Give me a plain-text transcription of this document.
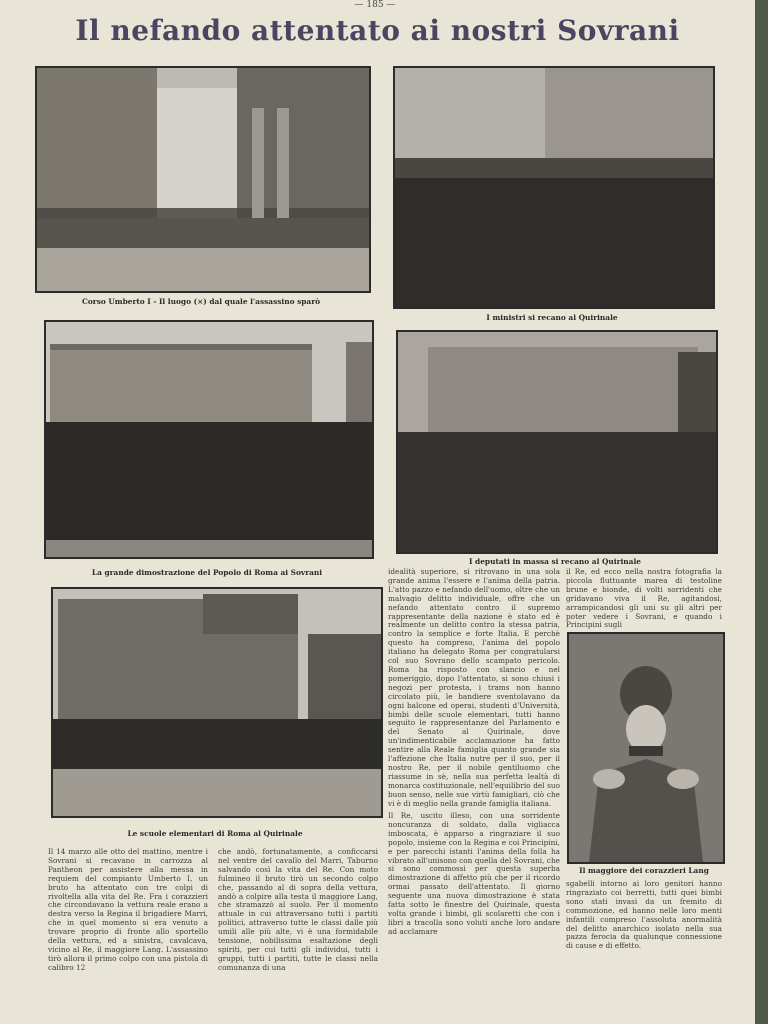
— 185 —
Il nefando attentato ai nostri Sovrani
Corso Umberto I - Il luogo (×) dal quale l'assassino sparò
I ministri si recano al Quirinale
La grande dimostrazione del Popolo di Roma ai Sovrani
I deputati in massa si recano al Quirinale
Le scuole elementari di Roma al Quirinale
Il maggiore dei corazzieri Lang

Il 14 marzo alle otto del mattino, mentre i Sovrani si recavano in carrozza al Pantheon per assistere alla messa in requiem del compianto Umberto I, un bruto ha attentato con tre colpi di rivoltella alla vita del Re. Fra i corazzieri che circondavano la vettura reale erano a destra verso la Regina il brigadiere Marri, che in quel momento si era venuto a trovare proprio di fronte allo sportello della vettura, ed a sinistra, cavalcava, vicino al Re, il maggiore Lang. L'assassino tirò allora il primo colpo con una pistola di calibro 12

che andò, fortunatamente, a conficcarsi nel ventre del cavallo del Marri, Taburno salvando così la vita del Re. Con moto fulmineo il bruto tirò un secondo colpo che, passando al di sopra della vettura, andò a colpire alla testa il maggiore Lang, che stramazzò al suolo. Per il momento attuale in cui attraversano tutti i partiti politici, attraverso tutte le classi dalle più umili alle più alte, vi è una formidabile tensione, nobilissima esaltazione degli spiriti, per cui tutti gli individui, tutti i gruppi, tutti i partiti, tutte le classi nella comunanza di una

idealità superiore, si ritrovano in una sola grande anima l'essere e l'anima della patria. L'atto pazzo e nefando dell'uomo, oltre che un malvagio delitto individuale, offre che un nefando attentato contro il supremo rappresentante della nazione è stato ed è realmente un delitto contro la stessa patria, contro la semplice e forte Italia. E perchè questo ha compreso, l'anima del popolo italiano ha delegato Roma per congratularsi col suo Sovrano dello scampato pericolo. Roma ha risposto con slancio e nel pomeriggio, dopo l'attentato, si sono chiusi i negozi per protesta, i trams non hanno circolato più, le bandiere sventolavano da ogni balcone ed operai, studenti d'Università, bimbi delle scuole elementari, tutti hanno seguito le rappresentanze del Parlamento e del Senato al Quirinale, dove un'indimenticabile acclamazione ha fatto sentire alla Reale famiglia quanto grande sia l'affezione che Italia nutre per il suo, per il nostro Re, per il nobile gentiluomo che riassume in sè, nella sua perfetta lealtà di monarca costituzionale, nell'equilibrio del suo buon senso, nelle sue virtù famigliari, ciò che vi è di meglio nella grande famiglia italiana.

Il Re, uscito illeso, con una sorridente noncuranza di soldato, dalla vigliacca imboscata, è apparso a ringraziare il suo popolo, insieme con la Regina e coi Principini, e per parecchi istanti l'anima della folla ha vibrato all'unisono con quella del Sovrani, che si sono commossi per questa superba dimostrazione di affetto più che per il ricordo ormai passato dell'attentato. Il giorno seguente una nuova dimostrazione è stata fatta sotto le finestre del Quirinale, questa volta grande i bimbi, gli scolaretti che con i libri a tracolla sono voluti anche loro andare ad acclamare

il Re, ed ecco nella nostra fotografia la piccola fluttuante marea di testoline brune e bionde, di volti sorridenti che gridavano viva il Re, agitandosi, arrampicandosi gli uni su gli altri per poter vedere i Sovrani, e quando i Principini sugli

sgabelli intorno ai loro genitori hanno ringraziato coi berretti, tutti quei bimbi sono stati invasi da un fremito di commozione, ed hanno nelle loro menti infantili compreso l'assoluta anormalità del delitto anarchico isolato nella sua pazza ferocia da qualunque connessione di cause e di effetto.
